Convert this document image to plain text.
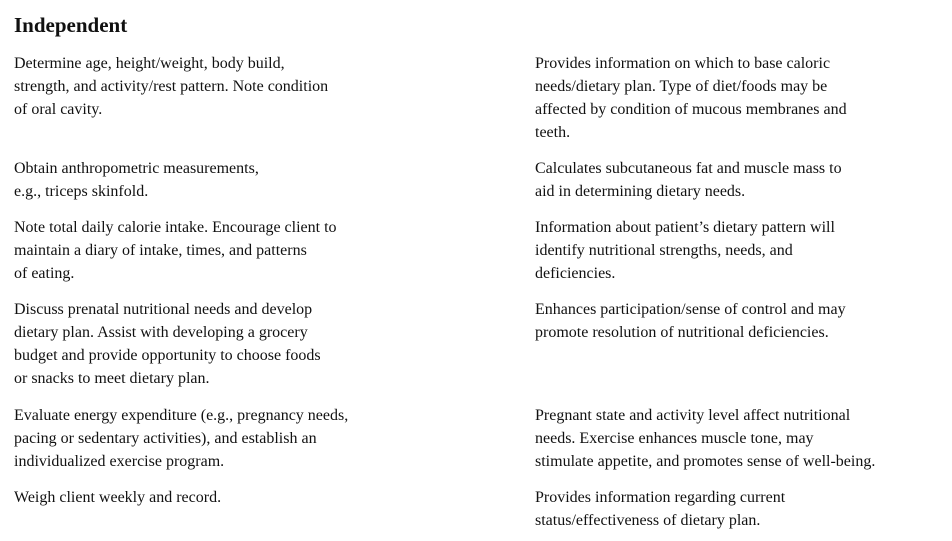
Independent

Determine age, height/weight, body build,
strength, and activity/rest pattern. Note condition
of oral cavity.

Provides information on which to base caloric
needs/dietary plan. Type of diet/foods may be
affected by condition of mucous membranes and
teeth.

Obtain anthropometric measurements,
e.g., triceps skinfold.

Calculates subcutaneous fat and muscle mass to
aid in determining dietary needs.

Note total daily calorie intake. Encourage client to
maintain a diary of intake, times, and patterns
of eating.

Information about patient’s dietary pattern will
identify nutritional strengths, needs, and
deficiencies.

Discuss prenatal nutritional needs and develop
dietary plan. Assist with developing a grocery
budget and provide opportunity to choose foods
or snacks to meet dietary plan.

Enhances participation/sense of control and may
promote resolution of nutritional deficiencies.

Evaluate energy expenditure (e.g., pregnancy needs,
pacing or sedentary activities), and establish an
individualized exercise program.

Pregnant state and activity level affect nutritional
needs. Exercise enhances muscle tone, may
stimulate appetite, and promotes sense of well-being.

Weigh client weekly and record.	Provides information regarding current
status/effectiveness of dietary plan.
